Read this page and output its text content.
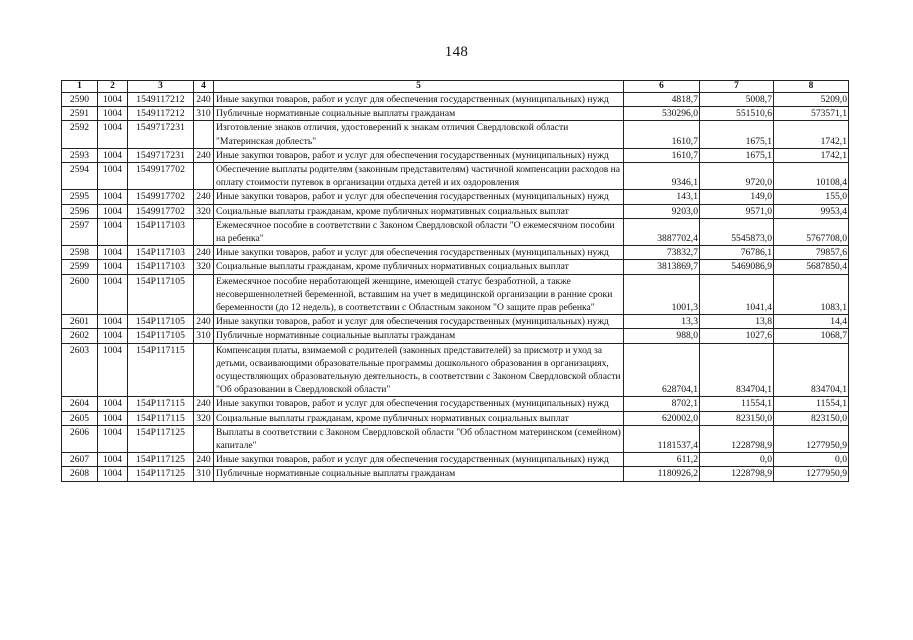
148
1	2	3	4	5	6	7	8
2590	1004	1549117212	240	Иные закупки товаров, работ и услуг для обеспечения государственных (муниципальных) нужд	4818,7	5008,7	5209,0
2591	1004	1549117212	310	Публичные нормативные социальные выплаты гражданам	530296,0	551510,6	573571,1
2592	1004	1549717231		Изготовление знаков отличия, удостоверений к знакам отличия Свердловской области "Материнская доблесть"	1610,7	1675,1	1742,1
2593	1004	1549717231	240	Иные закупки товаров, работ и услуг для обеспечения государственных (муниципальных) нужд	1610,7	1675,1	1742,1
2594	1004	1549917702		Обеспечение выплаты родителям (законным представителям) частичной компенсации расходов на оплату стоимости путевок в организации отдыха детей и их оздоровления	9346,1	9720,0	10108,4
2595	1004	1549917702	240	Иные закупки товаров, работ и услуг для обеспечения государственных (муниципальных) нужд	143,1	149,0	155,0
2596	1004	1549917702	320	Социальные выплаты гражданам, кроме публичных нормативных социальных выплат	9203,0	9571,0	9953,4
2597	1004	154P117103		Ежемесячное пособие в соответствии с Законом Свердловской области "О ежемесячном пособии на ребенка"	3887702,4	5545873,0	5767708,0
2598	1004	154P117103	240	Иные закупки товаров, работ и услуг для обеспечения государственных (муниципальных) нужд	73832,7	76786,1	79857,6
2599	1004	154P117103	320	Социальные выплаты гражданам, кроме публичных нормативных социальных выплат	3813869,7	5469086,9	5687850,4
2600	1004	154P117105		Ежемесячное пособие неработающей женщине, имеющей статус безработной, а также несовершеннолетней беременной, вставшим на учет в медицинской организации в ранние сроки беременности (до 12 недель), в соответствии с Областным законом "О защите прав ребенка"	1001,3	1041,4	1083,1
2601	1004	154P117105	240	Иные закупки товаров, работ и услуг для обеспечения государственных (муниципальных) нужд	13,3	13,8	14,4
2602	1004	154P117105	310	Публичные нормативные социальные выплаты гражданам	988,0	1027,6	1068,7
2603	1004	154P117115		Компенсация платы, взимаемой с родителей (законных представителей) за присмотр и уход за детьми, осваивающими образовательные программы дошкольного образования в организациях, осуществляющих образовательную деятельность, в соответствии с Законом Свердловской области "Об образовании в Свердловской области"	628704,1	834704,1	834704,1
2604	1004	154P117115	240	Иные закупки товаров, работ и услуг для обеспечения государственных (муниципальных) нужд	8702,1	11554,1	11554,1
2605	1004	154P117115	320	Социальные выплаты гражданам, кроме публичных нормативных социальных выплат	620002,0	823150,0	823150,0
2606	1004	154P117125		Выплаты в соответствии с Законом Свердловской области "Об областном материнском (семейном) капитале"	1181537,4	1228798,9	1277950,9
2607	1004	154P117125	240	Иные закупки товаров, работ и услуг для обеспечения государственных (муниципальных) нужд	611,2	0,0	0,0
2608	1004	154P117125	310	Публичные нормативные социальные выплаты гражданам	1180926,2	1228798,9	1277950,9
